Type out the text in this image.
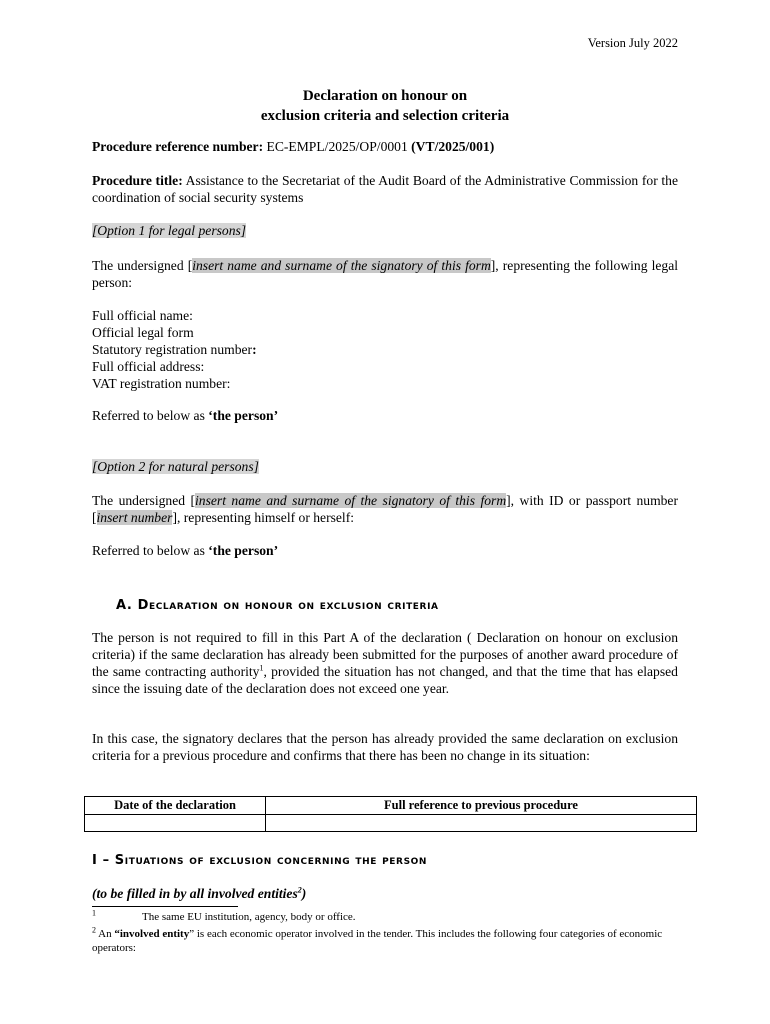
Version July 2022
Declaration on honour on
exclusion criteria and selection criteria
Procedure reference number: EC-EMPL/2025/OP/0001 (VT/2025/001)
Procedure title: Assistance to the Secretariat of the Audit Board of the Administrative Commission for the coordination of social security systems
[Option 1 for legal persons]
The undersigned [insert name and surname of the signatory of this form], representing the following legal person:
Full official name:
Official legal form
Statutory registration number:
Full official address:
VAT registration number:
Referred to below as ‘the person’
[Option 2 for natural persons]
The undersigned [insert name and surname of the signatory of this form], with ID or passport number [insert number], representing himself or herself:
Referred to below as ‘the person’
A. Declaration on honour on exclusion criteria
The person is not required to fill in this Part A of the declaration ( Declaration on honour on exclusion criteria) if the same declaration has already been submitted for the purposes of another award procedure of the same contracting authority$^1$, provided the situation has not changed, and that the time that has elapsed since the issuing date of the declaration does not exceed one year.
In this case, the signatory declares that the person has already provided the same declaration on exclusion criteria for a previous procedure and confirms that there has been no change in its situation:
Date of the declaration	Full reference to previous procedure

I – Situations of exclusion concerning the person
(to be filled in by all involved entities$^2$)
$^1$	The same EU institution, agency, body or office.
$^2$ An “involved entity” is each economic operator involved in the tender. This includes the following four categories of economic operators:
